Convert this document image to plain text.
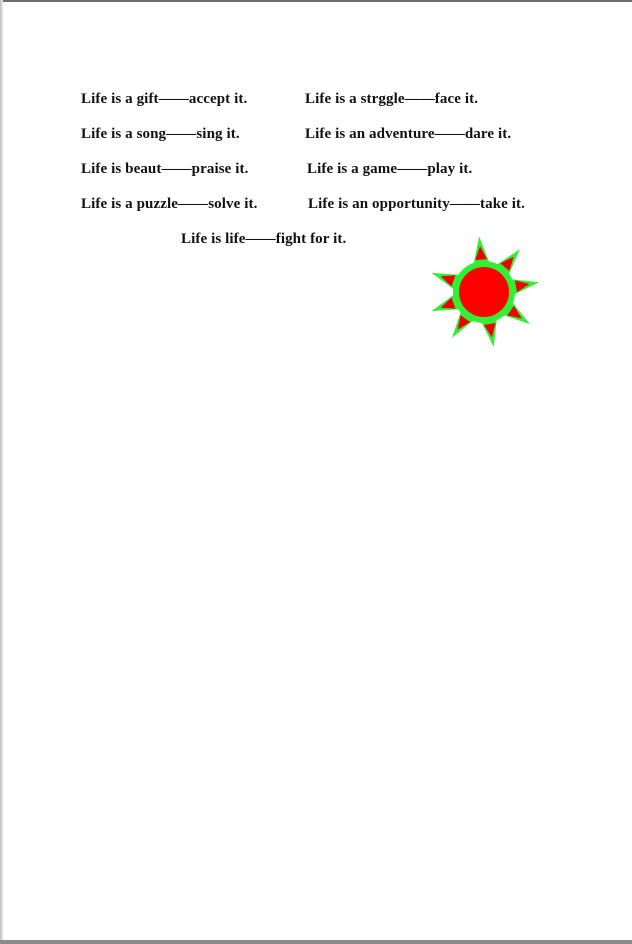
Life is a gift——accept it.	Life is a strggle——face it.
Life is a song——sing it.	Life is an adventure——dare it.
Life is beaut——praise it.	Life is a game——play it.
Life is a puzzle——solve it.	Life is an opportunity——take it.
Life is life——fight for it.
